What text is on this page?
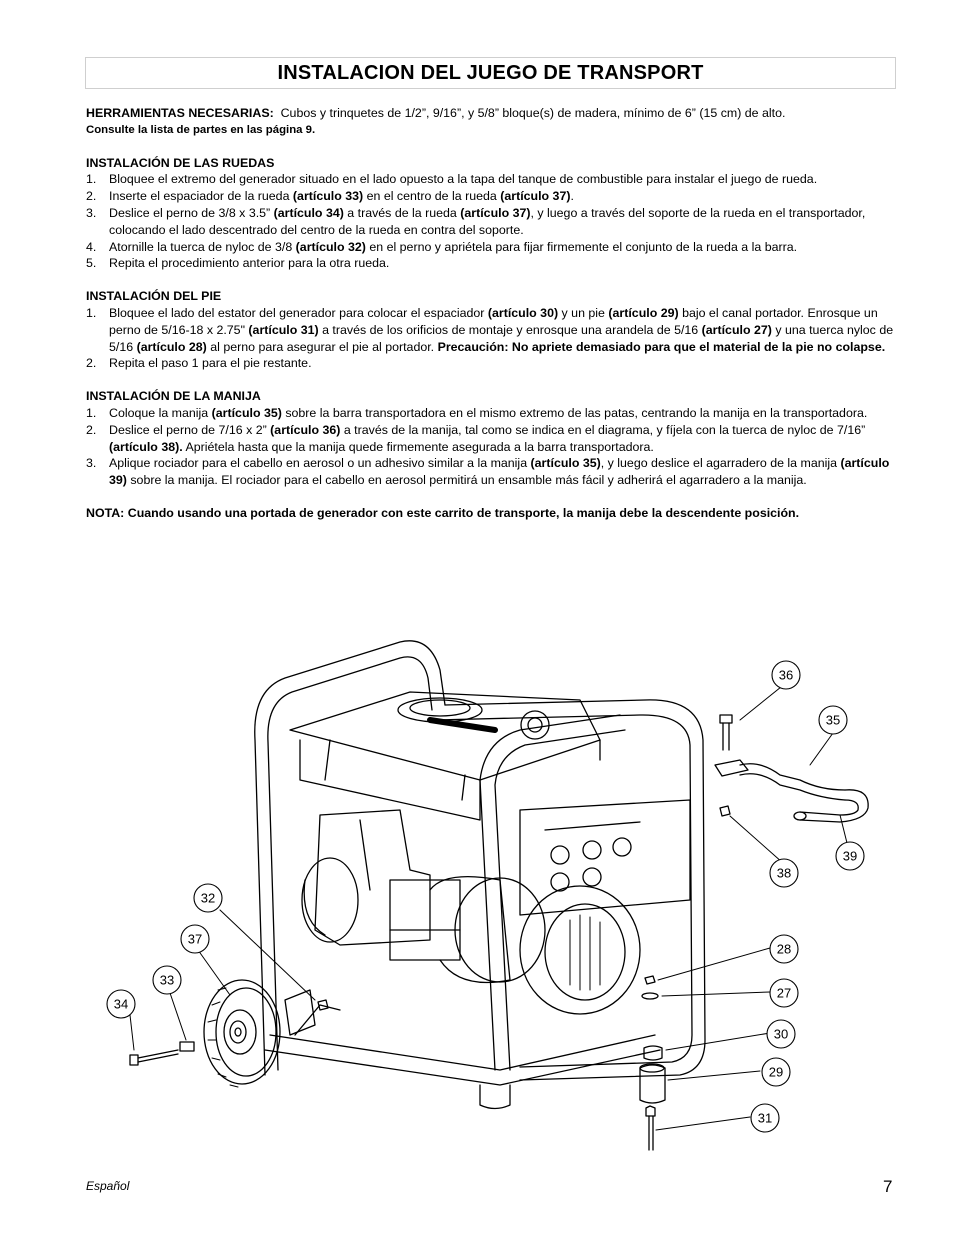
INSTALACION DEL JUEGO DE TRANSPORT

HERRAMIENTAS NECESARIAS: Cubos y trinquetes de 1/2”, 9/16”, y 5/8” bloque(s) de madera, mínimo de 6” (15 cm) de alto.

Consulte la lista de partes en las página 9.

INSTALACIÓN DE LAS RUEDAS

1. Bloquee el extremo del generador situado en el lado opuesto a la tapa del tanque de combustible para instalar el juego de rueda.
2. Inserte el espaciador de la rueda (artículo 33) en el centro de la rueda (artículo 37).
3. Deslice el perno de 3/8 x 3.5” (artículo 34) a través de la rueda (artículo 37), y luego a través del soporte de la rueda en el transportador, colocando el lado descentrado del centro de la rueda en contra del soporte.
4. Atornille la tuerca de nyloc de 3/8 (artículo 32) en el perno y apriétela para fijar firmemente el conjunto de la rueda a la barra.
5. Repita el procedimiento anterior para la otra rueda.

INSTALACIÓN DEL PIE

1. Bloquee el lado del estator del generador para colocar el espaciador (artículo 30) y un pie (artículo 29) bajo el canal portador. Enrosque un perno de 5/16-18 x 2.75" (artículo 31) a través de los orificios de montaje y enrosque una arandela de 5/16 (artículo 27) y una tuerca nyloc de 5/16 (artículo 28) al perno para asegurar el pie al portador. Precaución: No apriete demasiado para que el material de la pie no colapse.
2. Repita el paso 1 para el pie restante.

INSTALACIÓN DE LA MANIJA

1. Coloque la manija (artículo 35) sobre la barra transportadora en el mismo extremo de las patas, centrando la manija en la transportadora.
2. Deslice el perno de 7/16 x 2” (artículo 36) a través de la manija, tal como se indica en el diagrama, y fíjela con la tuerca de nyloc de 7/16” (artículo 38). Apriétela hasta que la manija quede firmemente asegurada a la barra transportadora.
3. Aplique rociador para el cabello en aerosol o un adhesivo similar a la manija (artículo 35), y luego deslice el agarradero de la manija (artículo 39) sobre la manija. El rociador para el cabello en aerosol permitirá un ensamble más fácil y adherirá el agarradero a la manija.

NOTA: Cuando usando una portada de generador con este carrito de transporte, la manija debe la descendente posición.

36
35
39
38
32
37
33
34
28
27
30
29
31
Español	7
